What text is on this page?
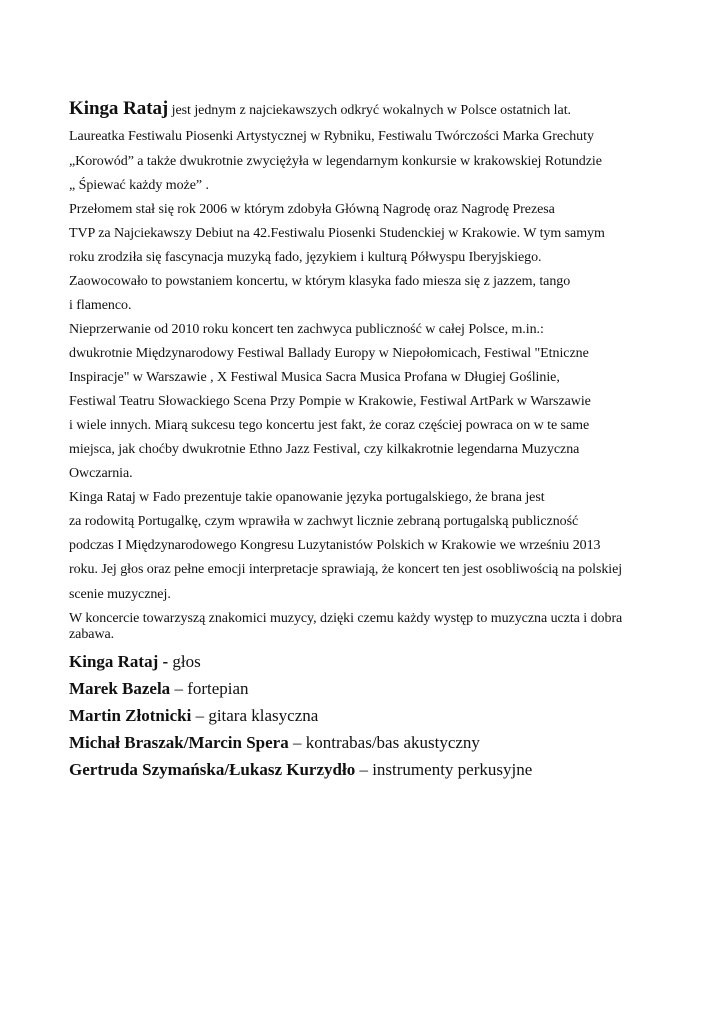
Kinga Rataj jest jednym z najciekawszych odkryć wokalnych w Polsce ostatnich lat.
Laureatka Festiwalu Piosenki Artystycznej w Rybniku, Festiwalu Twórczości Marka Grechuty
„Korowód” a także dwukrotnie zwyciężyła w legendarnym konkursie w krakowskiej Rotundzie
„ Śpiewać każdy może” .
Przełomem stał się rok 2006 w którym zdobyła Główną Nagrodę oraz Nagrodę Prezesa
TVP za Najciekawszy Debiut na 42.Festiwalu Piosenki Studenckiej w Krakowie. W tym samym
roku zrodziła się fascynacja muzyką fado, językiem i kulturą Półwyspu Iberyjskiego.
Zaowocowało to powstaniem koncertu, w którym klasyka fado miesza się z jazzem, tango
i flamenco.
Nieprzerwanie od 2010 roku koncert ten zachwyca publiczność w całej Polsce, m.in.:
dwukrotnie Międzynarodowy Festiwal Ballady Europy w Niepołomicach, Festiwal "Etniczne
Inspiracje" w Warszawie , X Festiwal Musica Sacra Musica Profana w Długiej Goślinie,
Festiwal Teatru Słowackiego Scena Przy Pompie w Krakowie, Festiwal ArtPark w Warszawie
i wiele innych. Miarą sukcesu tego koncertu jest fakt, że coraz częściej powraca on w te same
miejsca, jak choćby dwukrotnie Ethno Jazz Festival, czy kilkakrotnie legendarna Muzyczna
Owczarnia.
Kinga Rataj w Fado prezentuje takie opanowanie języka portugalskiego, że brana jest
za rodowitą Portugalkę, czym wprawiła w zachwyt licznie zebraną portugalską publiczność
podczas I Międzynarodowego Kongresu Luzytanistów Polskich w Krakowie we wrześniu 2013
roku. Jej głos oraz pełne emocji interpretacje sprawiają, że koncert ten jest osobliwością na polskiej
scenie muzycznej.
W koncercie towarzyszą znakomici muzycy, dzięki czemu każdy występ to muzyczna uczta i dobra
zabawa.
Kinga Rataj - głos
Marek Bazela – fortepian
Martin Złotnicki – gitara klasyczna
Michał Braszak/Marcin Spera – kontrabas/bas akustyczny
Gertruda Szymańska/Łukasz Kurzydło – instrumenty perkusyjne
